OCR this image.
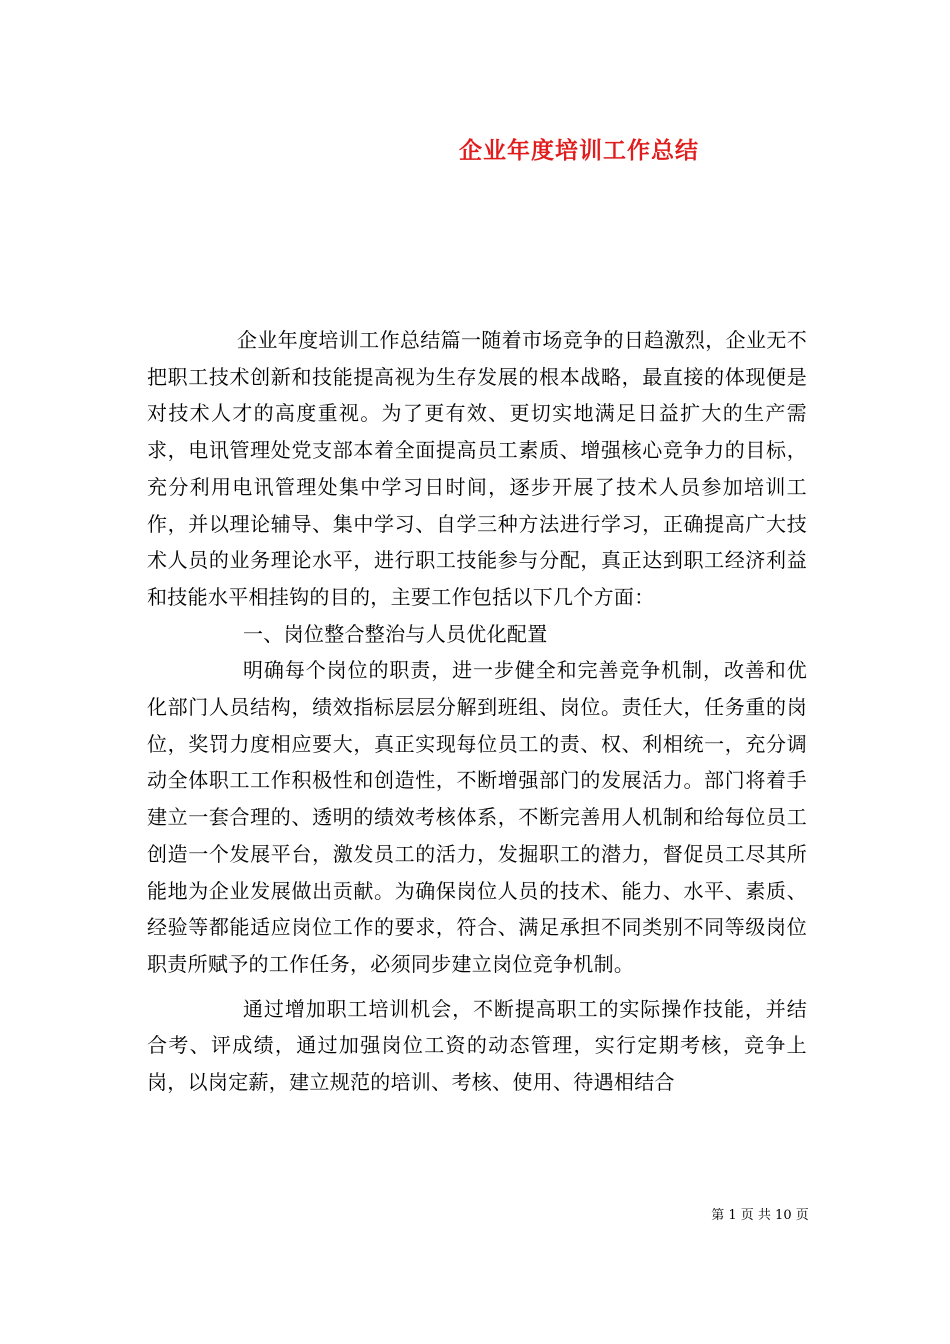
企业年度培训工作总结

企业年度培训工作总结篇一随着市场竞争的日趋激烈，企业无不把职工技术创新和技能提高视为生存发展的根本战略，最直接的体现便是对技术人才的高度重视。为了更有效、更切实地满足日益扩大的生产需求，电讯管理处党支部本着全面提高员工素质、增强核心竞争力的目标，充分利用电讯管理处集中学习日时间，逐步开展了技术人员参加培训工作，并以理论辅导、集中学习、自学三种方法进行学习，正确提高广大技术人员的业务理论水平，进行职工技能参与分配，真正达到职工经济利益和技能水平相挂钩的目的，主要工作包括以下几个方面：

一、岗位整合整治与人员优化配置

明确每个岗位的职责，进一步健全和完善竞争机制，改善和优化部门人员结构，绩效指标层层分解到班组、岗位。责任大，任务重的岗位，奖罚力度相应要大，真正实现每位员工的责、权、利相统一，充分调动全体职工工作积极性和创造性，不断增强部门的发展活力。部门将着手建立一套合理的、透明的绩效考核体系，不断完善用人机制和给每位员工创造一个发展平台，激发员工的活力，发掘职工的潜力，督促员工尽其所能地为企业发展做出贡献。为确保岗位人员的技术、能力、水平、素质、经验等都能适应岗位工作的要求，符合、满足承担不同类别不同等级岗位职责所赋予的工作任务，必须同步建立岗位竞争机制。

通过增加职工培训机会，不断提高职工的实际操作技能，并结合考、评成绩，通过加强岗位工资的动态管理，实行定期考核，竞争上岗，以岗定薪，建立规范的培训、考核、使用、待遇相结合

第 1 页 共 10 页
